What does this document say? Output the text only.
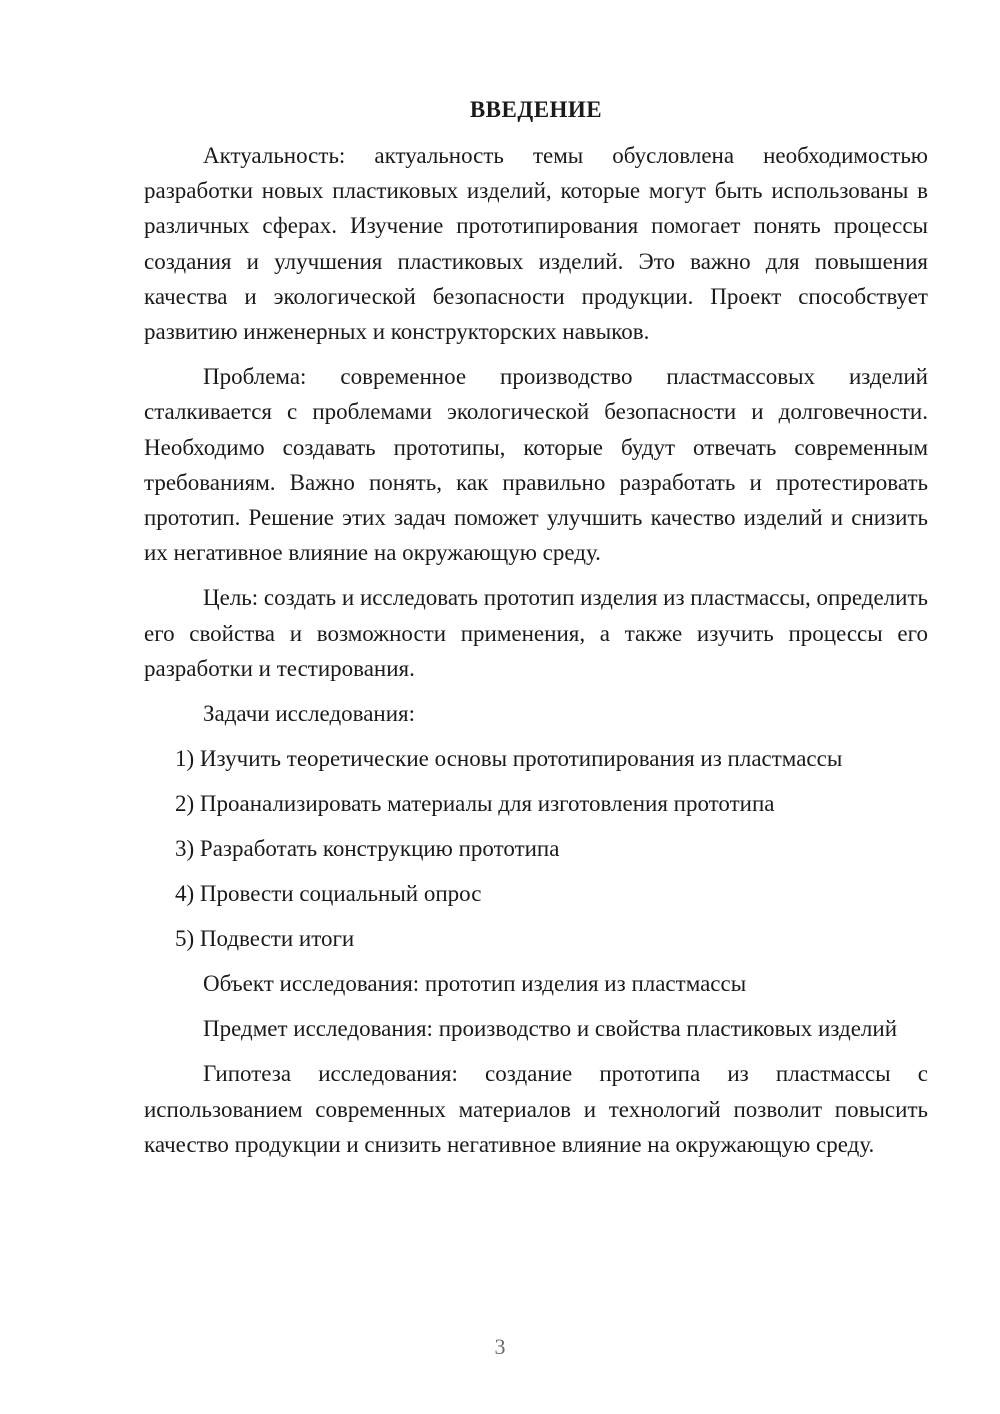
ВВЕДЕНИЕ

Актуальность: актуальность темы обусловлена необходимостью разработки новых пластиковых изделий, которые могут быть использованы в различных сферах. Изучение прототипирования помогает понять процессы создания и улучшения пластиковых изделий. Это важно для повышения качества и экологической безопасности продукции. Проект способствует развитию инженерных и конструкторских навыков.

Проблема: современное производство пластмассовых изделий сталкивается с проблемами экологической безопасности и долговечности. Необходимо создавать прототипы, которые будут отвечать современным требованиям. Важно понять, как правильно разработать и протестировать прототип. Решение этих задач поможет улучшить качество изделий и снизить их негативное влияние на окружающую среду.

Цель: создать и исследовать прототип изделия из пластмассы, определить его свойства и возможности применения, а также изучить процессы его разработки и тестирования.

Задачи исследования:
1) Изучить теоретические основы прототипирования из пластмассы
2) Проанализировать материалы для изготовления прототипа
3) Разработать конструкцию прототипа
4) Провести социальный опрос
5) Подвести итоги

Объект исследования: прототип изделия из пластмассы

Предмет исследования: производство и свойства пластиковых изделий

Гипотеза исследования: создание прототипа из пластмассы с использованием современных материалов и технологий позволит повысить качество продукции и снизить негативное влияние на окружающую среду.

3
